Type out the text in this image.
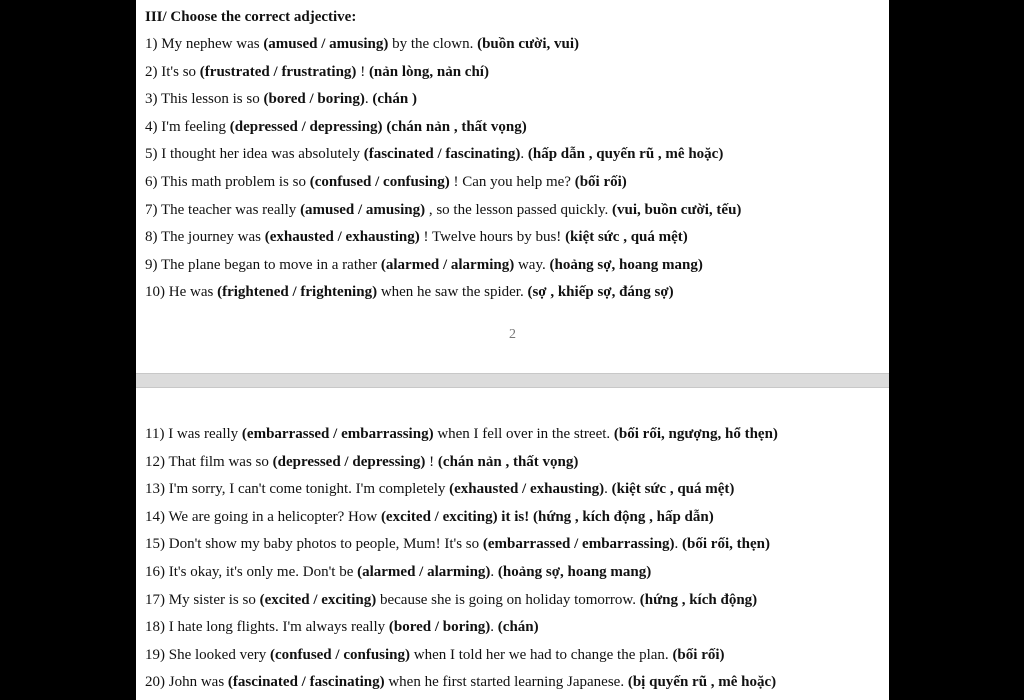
III/ Choose the correct adjective:
1) My nephew was (amused / amusing) by the clown. (buồn cười, vui)
2) It's so (frustrated / frustrating) ! (nản lòng, nản chí)
3) This lesson is so (bored / boring). (chán )
4) I'm feeling (depressed / depressing) (chán nản , thất vọng)
5) I thought her idea was absolutely (fascinated / fascinating). (hấp dẫn , quyến rũ , mê hoặc)
6) This math problem is so (confused / confusing) ! Can you help me? (bối rối)
7) The teacher was really (amused / amusing) , so the lesson passed quickly. (vui, buồn cười, tếu)
8) The journey was (exhausted / exhausting) ! Twelve hours by bus! (kiệt sức , quá mệt)
9) The plane began to move in a rather (alarmed / alarming) way. (hoảng sợ, hoang mang)
10) He was (frightened / frightening) when he saw the spider. (sợ , khiếp sợ, đáng sợ)
2
11) I was really (embarrassed / embarrassing) when I fell over in the street. (bối rối, ngượng, hổ thẹn)
12) That film was so (depressed / depressing) ! (chán nản , thất vọng)
13) I'm sorry, I can't come tonight. I'm completely (exhausted / exhausting). (kiệt sức , quá mệt)
14) We are going in a helicopter? How (excited / exciting) it is! (hứng , kích động , hấp dẫn)
15) Don't show my baby photos to people, Mum! It's so (embarrassed / embarrassing). (bối rối, thẹn)
16) It's okay, it's only me. Don't be (alarmed / alarming). (hoảng sợ, hoang mang)
17) My sister is so (excited / exciting) because she is going on holiday tomorrow. (hứng , kích động)
18) I hate long flights. I'm always really (bored / boring). (chán)
19) She looked very (confused / confusing) when I told her we had to change the plan. (bối rối)
20) John was (fascinated / fascinating) when he first started learning Japanese. (bị quyến rũ , mê hoặc)
